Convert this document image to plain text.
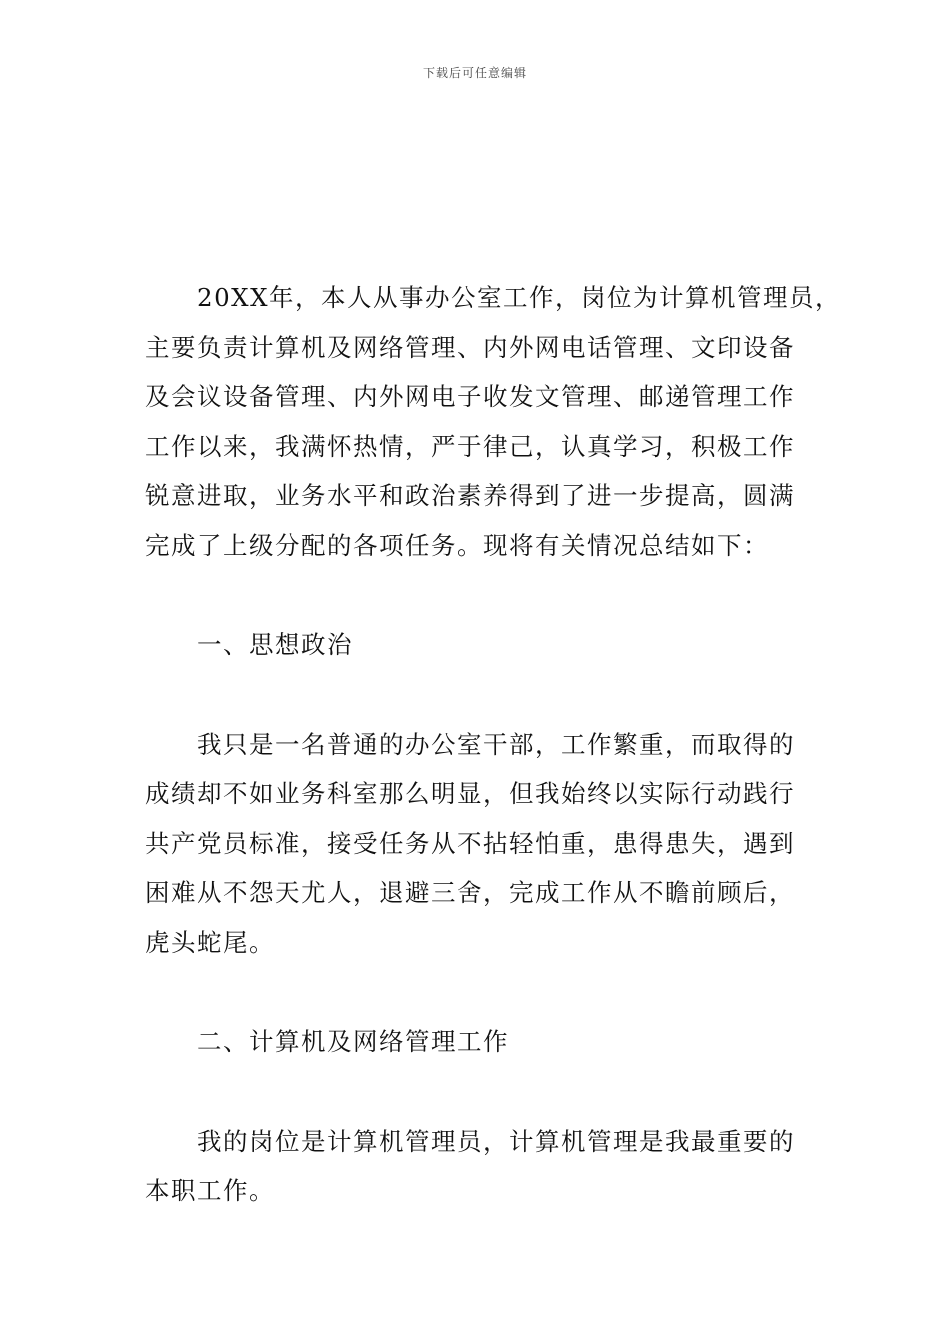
下载后可任意编辑

20XX年，本人从事办公室工作，岗位为计算机管理员，
主要负责计算机及网络管理、内外网电话管理、文印设备
及会议设备管理、内外网电子收发文管理、邮递管理工作
工作以来，我满怀热情，严于律己，认真学习，积极工作
锐意进取，业务水平和政治素养得到了进一步提高，圆满
完成了上级分配的各项任务。现将有关情况总结如下：

一、思想政治

我只是一名普通的办公室干部，工作繁重，而取得的
成绩却不如业务科室那么明显，但我始终以实际行动践行
共产党员标准，接受任务从不拈轻怕重，患得患失，遇到
困难从不怨天尤人，退避三舍，完成工作从不瞻前顾后，
虎头蛇尾。

二、计算机及网络管理工作

我的岗位是计算机管理员，计算机管理是我最重要的
本职工作。
